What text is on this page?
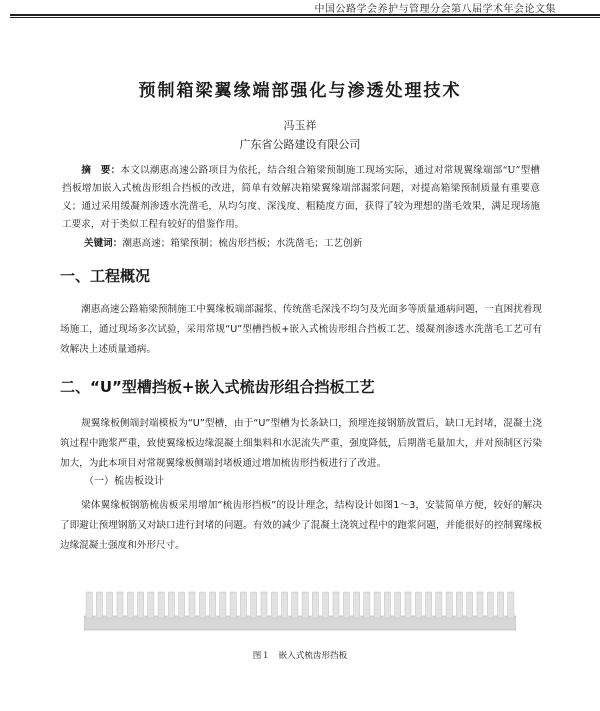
中国公路学会养护与管理分会第八届学术年会论文集
预制箱梁翼缘端部强化与渗透处理技术
冯玉祥
广东省公路建设有限公司
摘　要：本文以潮惠高速公路项目为依托，结合组合箱梁预制施工现场实际，通过对常规翼缘端部“U”型槽挡板增加嵌入式梳齿形组合挡板的改进，简单有效解决箱梁翼缘端部漏浆问题，对提高箱梁预制质量有重要意义；通过采用缓凝剂渗透水洗凿毛，从均匀度、深浅度、粗糙度方面，获得了较为理想的凿毛效果，满足现场施工要求，对于类似工程有较好的借鉴作用。
关键词：潮惠高速；箱梁预制；梳齿形挡板；水洗凿毛；工艺创新
一、工程概况
潮惠高速公路箱梁预制施工中翼缘板端部漏浆、传统凿毛深浅不均匀及光面多等质量通病问题，一直困扰着现场施工，通过现场多次试验，采用常规“U”型槽挡板+嵌入式梳齿形组合挡板工艺、缓凝剂渗透水洗凿毛工艺可有效解决上述质量通病。
二、“U”型槽挡板+嵌入式梳齿形组合挡板工艺
规翼缘板侧端封端模板为“U”型槽，由于“U”型槽为长条缺口，预埋连接钢筋放置后，缺口无封堵，混凝土浇筑过程中跑浆严重，致使翼缘板边缘混凝土细集料和水泥流失严重，强度降低，后期凿毛量加大，并对预制区污染加大，为此本项目对常规翼缘板侧端封堵板通过增加梳齿形挡板进行了改进。
（一）梳齿板设计
梁体翼缘板钢筋梳齿板采用增加“梳齿形挡板”的设计理念，结构设计如图1～3，安装简单方便，较好的解决了即避让预埋钢筋又对缺口进行封堵的问题。有效的减少了混凝土浇筑过程中的跑浆问题，并能很好的控制翼缘板边缘混凝土强度和外形尺寸。
图１　嵌入式梳齿形挡板
